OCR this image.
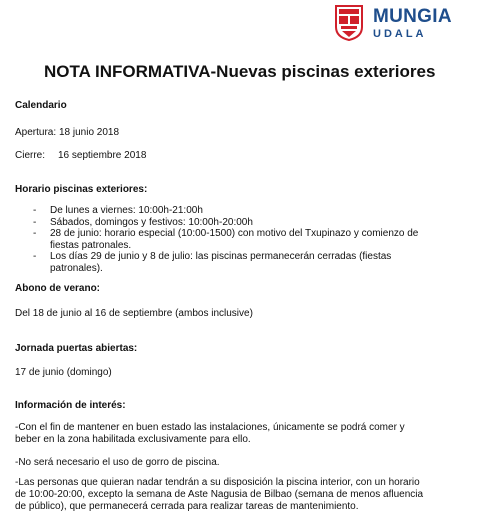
MUNGIA
UDALA
NOTA INFORMATIVA-Nuevas piscinas exteriores

Calendario

Apertura: 18 junio 2018
Cierre: 16 septiembre 2018

Horario piscinas exteriores:

- De lunes a viernes: 10:00h-21:00h
- Sábados, domingos y festivos: 10:00h-20:00h
- 28 de junio: horario especial (10:00-1500) con motivo del Txupinazo y comienzo de fiestas patronales.
- Los días 29 de junio y 8 de julio: las piscinas permanecerán cerradas (fiestas patronales).

Abono de verano:

Del 18 de junio al 16 de septiembre (ambos inclusive)

Jornada puertas abiertas:

17 de junio (domingo)

Información de interés:

-Con el fin de mantener en buen estado las instalaciones, únicamente se podrá comer y beber en la zona habilitada exclusivamente para ello.

-No será necesario el uso de gorro de piscina.

-Las personas que quieran nadar tendrán a su disposición la piscina interior, con un horario de 10:00-20:00, excepto la semana de Aste Nagusia de Bilbao (semana de menos afluencia de público), que permanecerá cerrada para realizar tareas de mantenimiento.
